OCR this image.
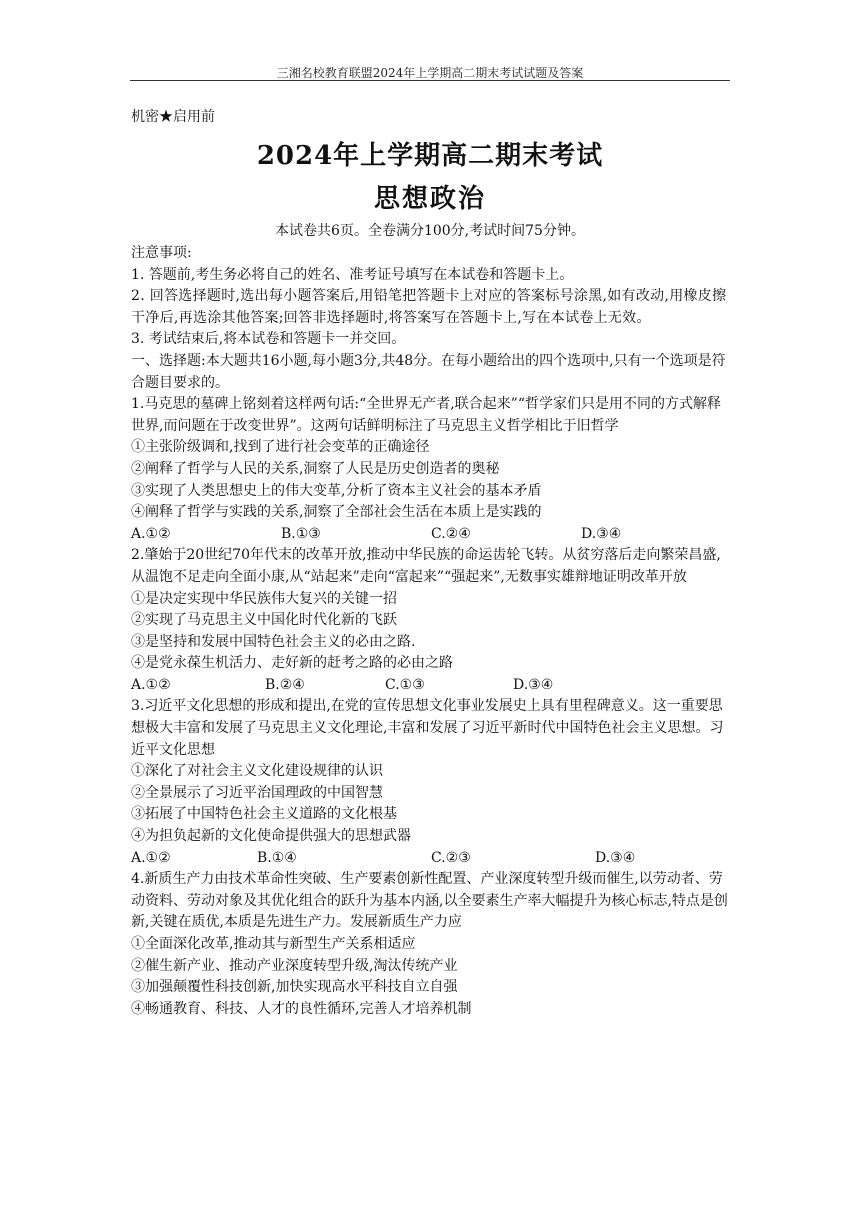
三湘名校教育联盟2024年上学期高二期末考试试题及答案
机密★启用前
2024年上学期高二期末考试
思想政治
本试卷共6页。全卷满分100分,考试时间75分钟。

注意事项:

1. 答题前,考生务必将自己的姓名、准考证号填写在本试卷和答题卡上。

2. 回答选择题时,选出每小题答案后,用铅笔把答题卡上对应的答案标号涂黑,如有改动,用橡皮擦干净后,再选涂其他答案;回答非选择题时,将答案写在答题卡上,写在本试卷上无效。

3. 考试结束后,将本试卷和答题卡一并交回。

一、选择题:本大题共16小题,每小题3分,共48分。在每小题给出的四个选项中,只有一个选项是符合题目要求的。

1.马克思的墓碑上铭刻着这样两句话:“全世界无产者,联合起来”“哲学家们只是用不同的方式解释世界,而问题在于改变世界”。这两句话鲜明标注了马克思主义哲学相比于旧哲学

①主张阶级调和,找到了进行社会变革的正确途径

②阐释了哲学与人民的关系,洞察了人民是历史创造者的奥秘

③实现了人类思想史上的伟大变革,分析了资本主义社会的基本矛盾

④阐释了哲学与实践的关系,洞察了全部社会生活在本质上是实践的

A.①②	B.①③	C.②④	D.③④

2.肇始于20世纪70年代末的改革开放,推动中华民族的命运齿轮飞转。从贫穷落后走向繁荣昌盛,从温饱不足走向全面小康,从“站起来”走向“富起来”“强起来”,无数事实雄辩地证明改革开放

①是决定实现中华民族伟大复兴的关键一招

②实现了马克思主义中国化时代化新的飞跃

③是坚持和发展中国特色社会主义的必由之路.

④是党永葆生机活力、走好新的赶考之路的必由之路

A.①②	B.②④	C.①③	D.③④

3.习近平文化思想的形成和提出,在党的宣传思想文化事业发展史上具有里程碑意义。这一重要思想极大丰富和发展了马克思主义文化理论,丰富和发展了习近平新时代中国特色社会主义思想。习近平文化思想

①深化了对社会主义文化建设规律的认识

②全景展示了习近平治国理政的中国智慧

③拓展了中国特色社会主义道路的文化根基

④为担负起新的文化使命提供强大的思想武器

A.①②	B.①④	C.②③	D.③④

4.新质生产力由技术革命性突破、生产要素创新性配置、产业深度转型升级而催生,以劳动者、劳动资料、劳动对象及其优化组合的跃升为基本内涵,以全要素生产率大幅提升为核心标志,特点是创新,关键在质优,本质是先进生产力。发展新质生产力应

①全面深化改革,推动其与新型生产关系相适应

②催生新产业、推动产业深度转型升级,淘汰传统产业

③加强颠覆性科技创新,加快实现高水平科技自立自强

④畅通教育、科技、人才的良性循环,完善人才培养机制
